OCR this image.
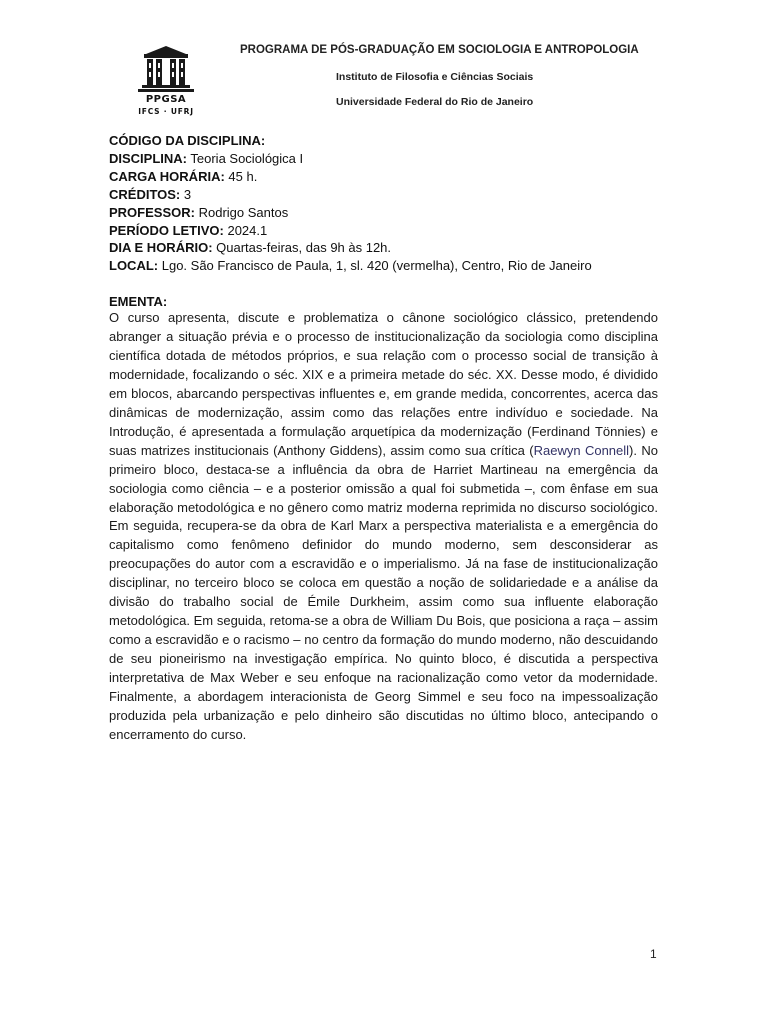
PPGSA
IFCS · UFRJ
PROGRAMA DE PÓS-GRADUAÇÃO EM SOCIOLOGIA E ANTROPOLOGIA
Instituto de Filosofia e Ciências Sociais
Universidade Federal do Rio de Janeiro
CÓDIGO DA DISCIPLINA:
DISCIPLINA: Teoria Sociológica I
CARGA HORÁRIA: 45 h.
CRÉDITOS: 3
PROFESSOR: Rodrigo Santos
PERÍODO LETIVO: 2024.1
DIA E HORÁRIO: Quartas-feiras, das 9h às 12h.
LOCAL: Lgo. São Francisco de Paula, 1, sl. 420 (vermelha), Centro, Rio de Janeiro
EMENTA:

O curso apresenta, discute e problematiza o cânone sociológico clássico, pretendendo abranger a situação prévia e o processo de institucionalização da sociologia como disciplina científica dotada de métodos próprios, e sua relação com o processo social de transição à modernidade, focalizando o séc. XIX e a primeira metade do séc. XX. Desse modo, é dividido em blocos, abarcando perspectivas influentes e, em grande medida, concorrentes, acerca das dinâmicas de modernização, assim como das relações entre indivíduo e sociedade. Na Introdução, é apresentada a formulação arquetípica da modernização (Ferdinand Tönnies) e suas matrizes institucionais (Anthony Giddens), assim como sua crítica (Raewyn Connell). No primeiro bloco, destaca-se a influência da obra de Harriet Martineau na emergência da sociologia como ciência – e a posterior omissão a qual foi submetida –, com ênfase em sua elaboração metodológica e no gênero como matriz moderna reprimida no discurso sociológico. Em seguida, recupera-se da obra de Karl Marx a perspectiva materialista e a emergência do capitalismo como fenômeno definidor do mundo moderno, sem desconsiderar as preocupações do autor com a escravidão e o imperialismo. Já na fase de institucionalização disciplinar, no terceiro bloco se coloca em questão a noção de solidariedade e a análise da divisão do trabalho social de Émile Durkheim, assim como sua influente elaboração metodológica. Em seguida, retoma-se a obra de William Du Bois, que posiciona a raça – assim como a escravidão e o racismo – no centro da formação do mundo moderno, não descuidando de seu pioneirismo na investigação empírica. No quinto bloco, é discutida a perspectiva interpretativa de Max Weber e seu enfoque na racionalização como vetor da modernidade. Finalmente, a abordagem interacionista de Georg Simmel e seu foco na impessoalização produzida pela urbanização e pelo dinheiro são discutidas no último bloco, antecipando o encerramento do curso.

1
